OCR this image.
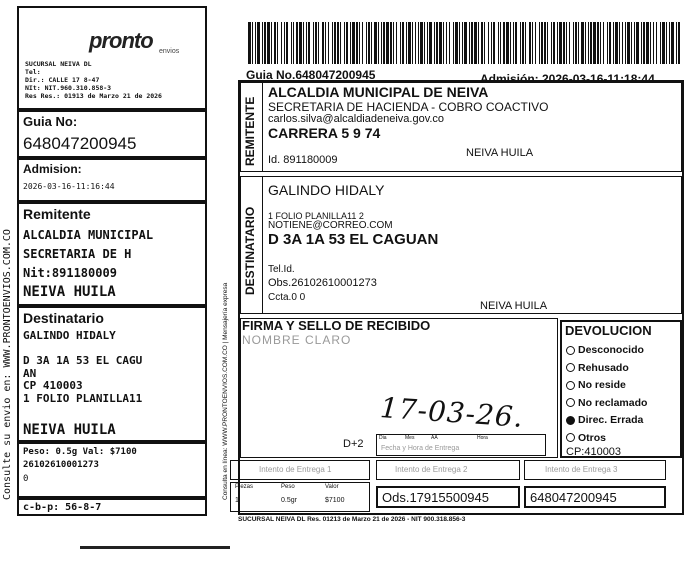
Consulte su envio en: WWW.PRONTOENVIOS.COM.CO
pronto envios
SUCURSAL NEIVA DL
Tel:
Dir.: CALLE 17 8-47
NIt: NIT.960.310.858-3
Res Res.: 01913 de Marzo 21 de 2026
Guia No:
648047200945
Admision:
2026-03-16-11:16:44
Remitente
ALCALDIA MUNICIPAL
SECRETARIA DE H
Nit:891180009
NEIVA HUILA
Destinatario
GALINDO HIDALY
D 3A 1A 53 EL CAGU
AN
CP 410003
1 FOLIO PLANILLA11
NEIVA HUILA
Peso: 0.5g Val: $7100
26102610001273
0
c-b-p: 56-8-7
Guia No.648047200945	Admisión: 2026-03-16-11:18:44
Consulta en línea: WWW.PRONTOENVIOS.COM.CO | Mensajería expresa
REMITENTE
ALCALDIA MUNICIPAL DE NEIVA
SECRETARIA DE HACIENDA - COBRO COACTIVO
carlos.silva@alcaldiadeneiva.gov.co
CARRERA 5 9 74
NEIVA HUILA
Id. 891180009
DESTINATARIO
GALINDO HIDALY
1 FOLIO PLANILLA11 2
NOTIENE@CORREO.COM
D 3A 1A 53 EL CAGUAN
Tel.Id.
Obs.26102610001273
Ccta.0 0
NEIVA HUILA
FIRMA Y SELLO DE RECIBIDO
NOMBRE CLARO
D+2
17-03-26.
Dia	Mes	AA	Hora
Fecha y Hora de Entrega
DEVOLUCION
Desconocido
Rehusado
No reside
No reclamado
Direc. Errada
Otros
CP:410003
Intento de Entrega 1	Intento de Entrega 2	Intento de Entrega 3
Piezas	Peso	Valor
1	0.5gr	$7100	Ods.17915500945	648047200945
SUCURSAL NEIVA DL Res. 01213 de Marzo 21 de 2026 - NIT 900.318.856-3
